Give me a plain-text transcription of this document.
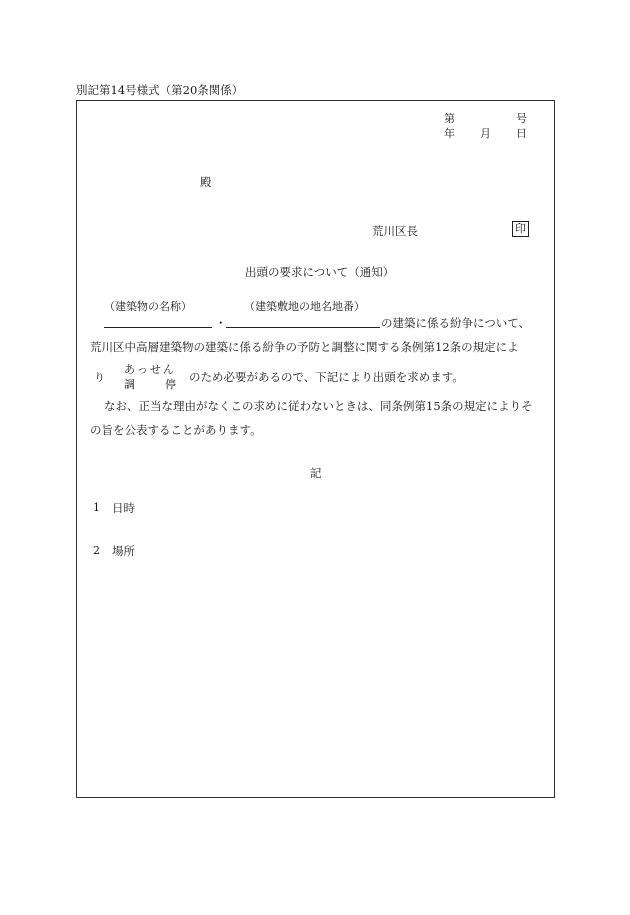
別記第14号様式（第20条関係）
第	号
年 月 日
殿
荒川区長	印
出頭の要求について（通知）
（建築物の名称）	（建築敷地の地名地番）
・	の建築に係る紛争について、
荒川区中高層建築物の建築に係る紛争の予防と調整に関する条例第12条の規定によ
り
あっせん
調	停
のため必要があるので、下記により出頭を求めます。
なお、正当な理由がなくこの求めに従わないときは、同条例第15条の規定によりそ
の旨を公表することがあります。
記
1 日時
2 場所
